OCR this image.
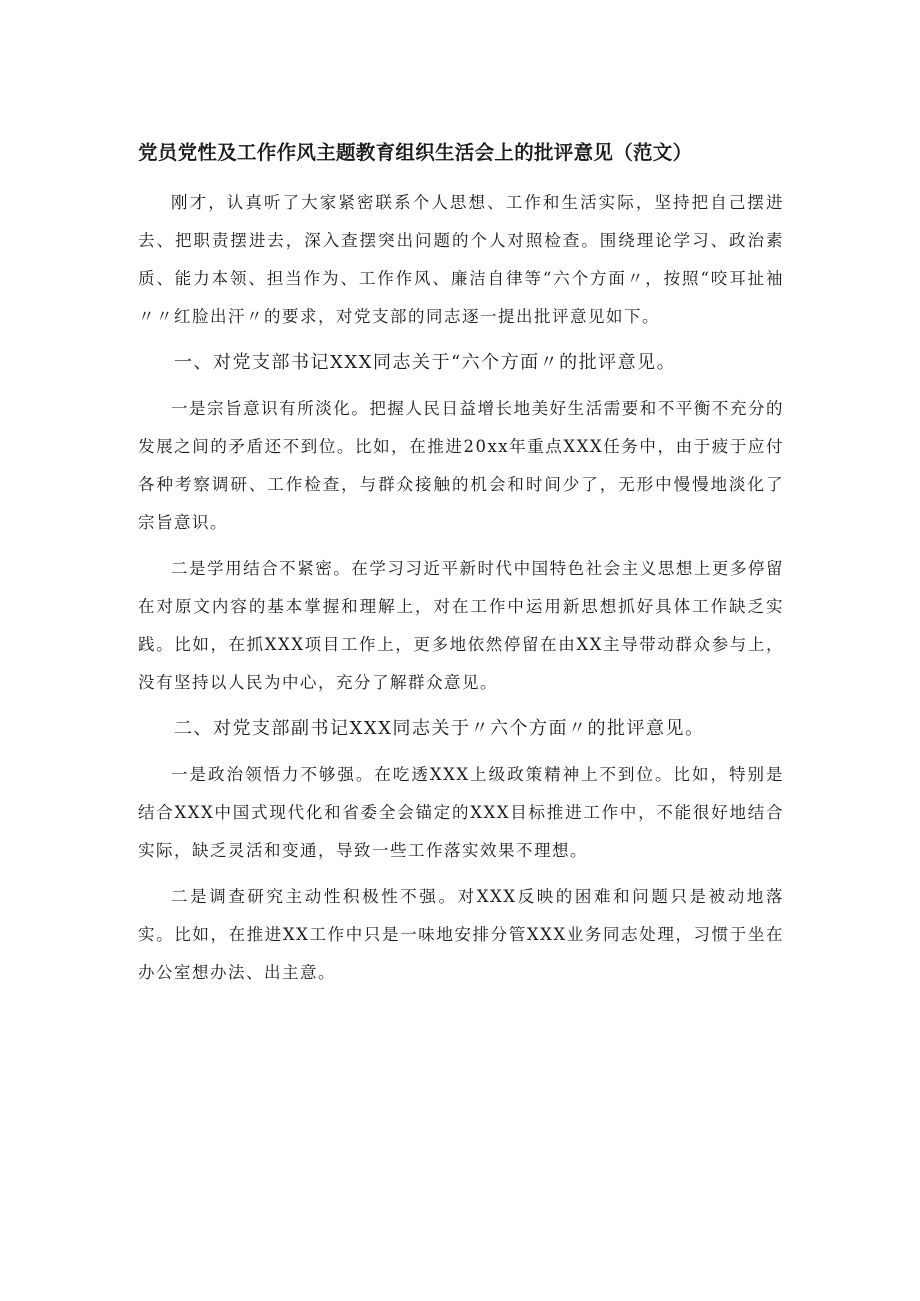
党员党性及工作作风主题教育组织生活会上的批评意见（范文）

刚才，认真听了大家紧密联系个人思想、工作和生活实际，坚持把自己摆进去、把职责摆进去，深入查摆突出问题的个人对照检查。围绕理论学习、政治素质、能力本领、担当作为、工作作风、廉洁自律等“六个方面〃，按照“咬耳扯袖〃〃红脸出汗〃的要求，对党支部的同志逐一提出批评意见如下。

一、对党支部书记XXX同志关于“六个方面〃的批评意见。

一是宗旨意识有所淡化。把握人民日益增长地美好生活需要和不平衡不充分的发展之间的矛盾还不到位。比如，在推进20xx年重点XXX任务中，由于疲于应付各种考察调研、工作检查，与群众接触的机会和时间少了，无形中慢慢地淡化了宗旨意识。

二是学用结合不紧密。在学习习近平新时代中国特色社会主义思想上更多停留在对原文内容的基本掌握和理解上，对在工作中运用新思想抓好具体工作缺乏实践。比如，在抓XXX项目工作上，更多地依然停留在由XX主导带动群众参与上，没有坚持以人民为中心，充分了解群众意见。

二、对党支部副书记XXX同志关于〃六个方面〃的批评意见。

一是政治领悟力不够强。在吃透XXX上级政策精神上不到位。比如，特别是结合XXX中国式现代化和省委全会锚定的XXX目标推进工作中，不能很好地结合实际，缺乏灵活和变通，导致一些工作落实效果不理想。

二是调查研究主动性积极性不强。对XXX反映的困难和问题只是被动地落实。比如，在推进XX工作中只是一味地安排分管XXX业务同志处理，习惯于坐在办公室想办法、出主意。
